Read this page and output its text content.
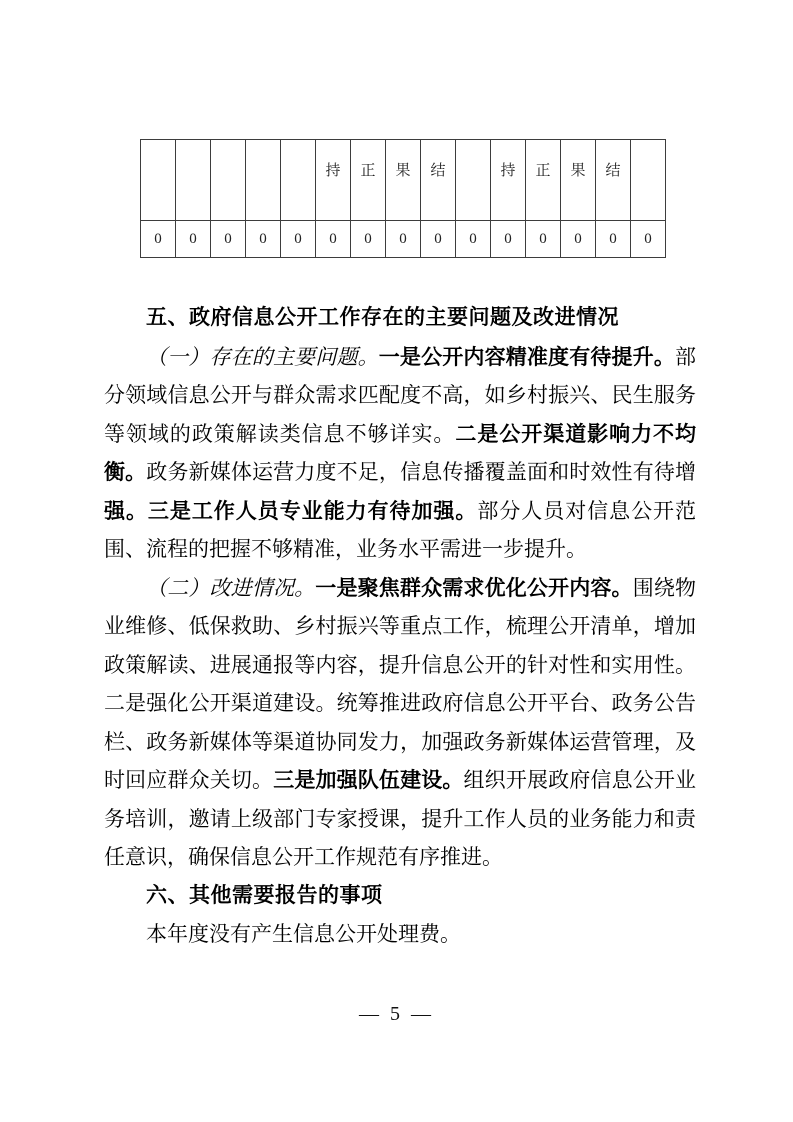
					持	正	果	结		持	正	果	结	
0	0	0	0	0	0	0	0	0	0	0	0	0	0	0
五、政府信息公开工作存在的主要问题及改进情况

（一）存在的主要问题。一是公开内容精准度有待提升。部分领域信息公开与群众需求匹配度不高，如乡村振兴、民生服务等领域的政策解读类信息不够详实。二是公开渠道影响力不均衡。政务新媒体运营力度不足，信息传播覆盖面和时效性有待增强。三是工作人员专业能力有待加强。部分人员对信息公开范围、流程的把握不够精准，业务水平需进一步提升。

（二）改进情况。一是聚焦群众需求优化公开内容。围绕物业维修、低保救助、乡村振兴等重点工作，梳理公开清单，增加政策解读、进展通报等内容，提升信息公开的针对性和实用性。二是强化公开渠道建设。统筹推进政府信息公开平台、政务公告栏、政务新媒体等渠道协同发力，加强政务新媒体运营管理，及时回应群众关切。三是加强队伍建设。组织开展政府信息公开业务培训，邀请上级部门专家授课，提升工作人员的业务能力和责任意识，确保信息公开工作规范有序推进。

六、其他需要报告的事项

本年度没有产生信息公开处理费。

— 5 —
